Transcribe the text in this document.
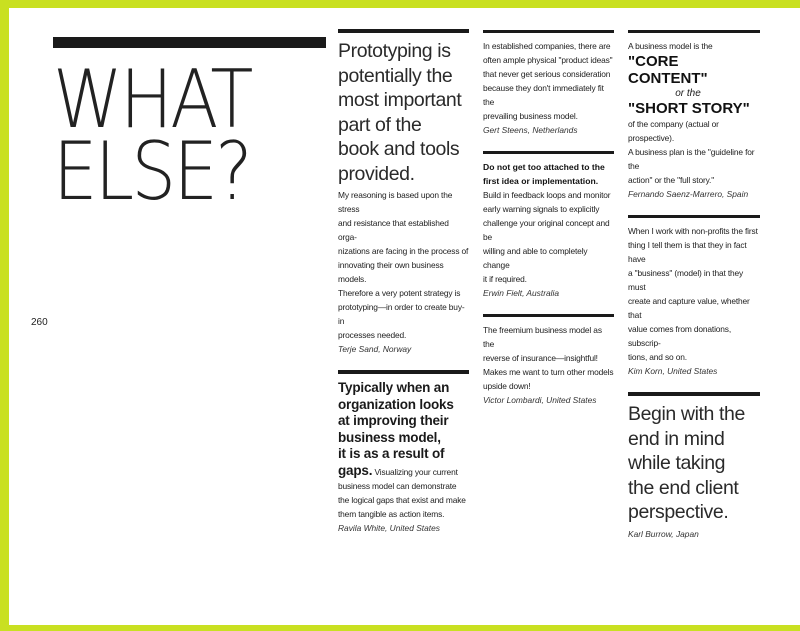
260
WHAT
ELSE?
Prototyping is
potentially the
most important
part of the
book and tools
provided.
My reasoning is based upon the stress
and resistance that established orga-
nizations are facing in the process of
innovating their own business models.
Therefore a very potent strategy is
prototyping—in order to create buy-in
processes needed.
Terje Sand, Norway
Typically when an
organization looks
at improving their
business model,
it is as a result of
gaps. Visualizing your current
business model can demonstrate
the logical gaps that exist and make
them tangible as action items.
Ravila White, United States
In established companies, there are
often ample physical "product ideas"
that never get serious consideration
because they don't immediately fit the
prevailing business model.
Gert Steens, Netherlands
Do not get too attached to the
first idea or implementation.
Build in feedback loops and monitor
early warning signals to explicitly
challenge your original concept and be
willing and able to completely change
it if required.
Erwin Fielt, Australia
The freemium business model as the
reverse of insurance—insightful!
Makes me want to turn other models
upside down!
Victor Lombardi, United States
A business model is the
"CORE CONTENT"
or the
"SHORT STORY"
of the company (actual or prospective).
A business plan is the "guideline for the
action" or the "full story."
Fernando Saenz-Marrero, Spain
When I work with non-profits the first
thing I tell them is that they in fact have
a "business" (model) in that they must
create and capture value, whether that
value comes from donations, subscrip-
tions, and so on.
Kim Korn, United States
Begin with the
end in mind
while taking
the end client
perspective.
Karl Burrow, Japan
